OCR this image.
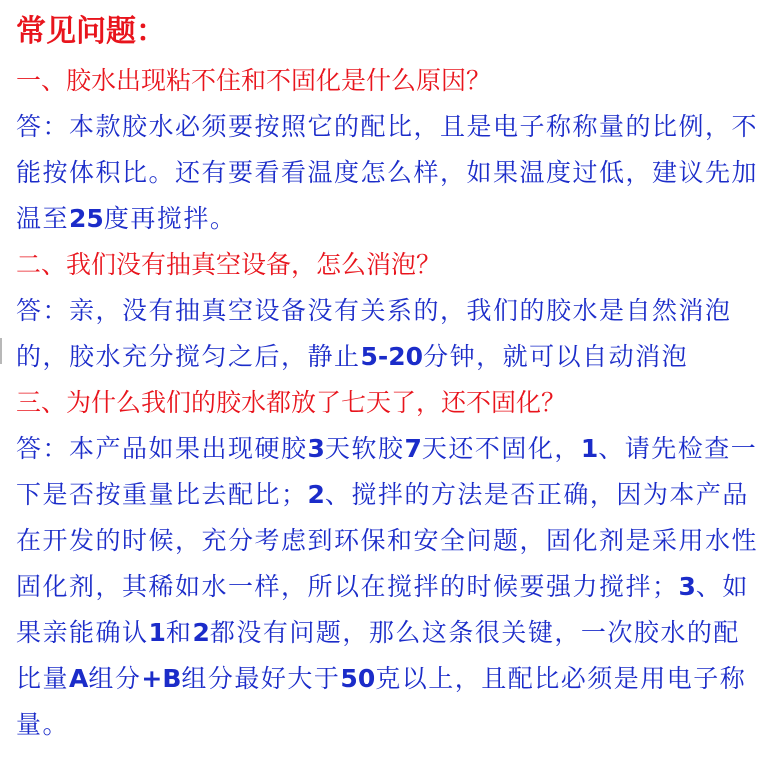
常见问题：
一、胶水出现粘不住和不固化是什么原因？
答：本款胶水必须要按照它的配比，且是电子称称量的比例，不能按体积比。还有要看看温度怎么样，如果温度过低，建议先加温至25度再搅拌。
二、我们没有抽真空设备，怎么消泡？
答：亲，没有抽真空设备没有关系的，我们的胶水是自然消泡的，胶水充分搅匀之后，静止5-20分钟，就可以自动消泡
三、为什么我们的胶水都放了七天了，还不固化？
答：本产品如果出现硬胶3天软胶7天还不固化，1、请先检查一下是否按重量比去配比；2、搅拌的方法是否正确，因为本产品在开发的时候，充分考虑到环保和安全问题，固化剂是采用水性固化剂，其稀如水一样，所以在搅拌的时候要强力搅拌；3、如果亲能确认1和2都没有问题，那么这条很关键，一次胶水的配比量A组分+B组分最好大于50克以上，且配比必须是用电子称量。
